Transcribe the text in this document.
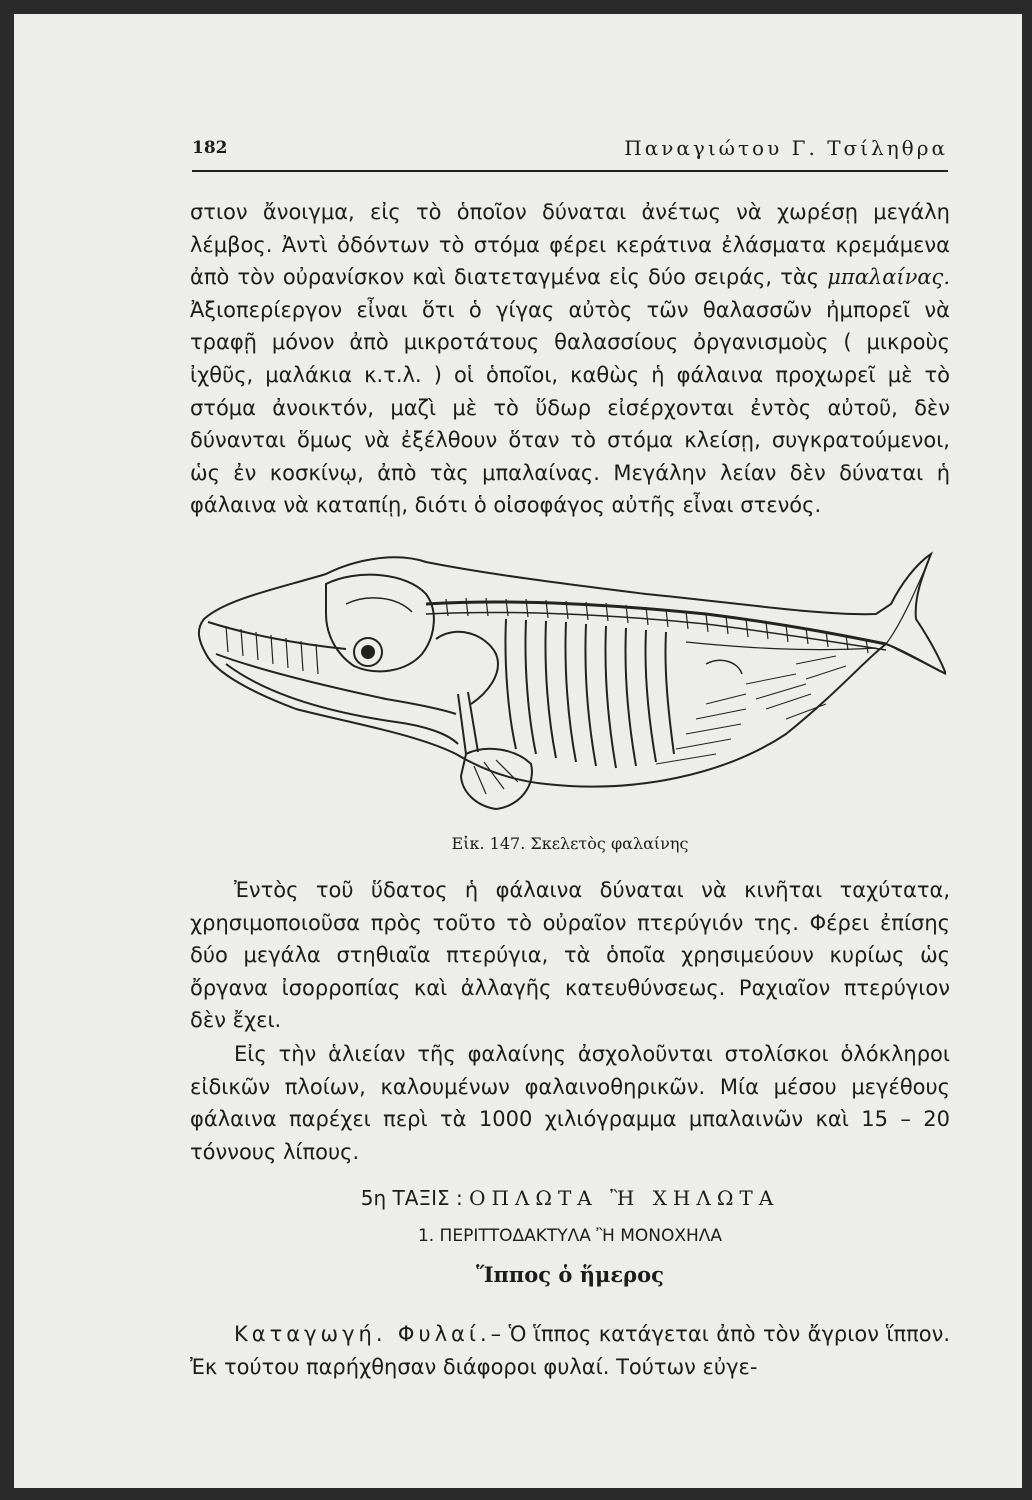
182	Παναγιώτου Γ. Τσίληθρα

στιον ἄνοιγμα, εἰς τὸ ὁποῖον δύναται ἀνέτως νὰ χωρέσῃ μεγάλη λέμβος. Ἀντὶ ὀδόντων τὸ στόμα φέρει κεράτινα ἐλάσματα κρεμάμενα ἀπὸ τὸν οὐρανίσκον καὶ διατεταγμένα εἰς δύο σειράς, τὰς μπαλαίνας. Ἀξιοπερίεργον εἶναι ὅτι ὁ γίγας αὐτὸς τῶν θαλασσῶν ἠμπορεῖ νὰ τραφῇ μόνον ἀπὸ μικροτάτους θαλασσίους ὀργανισμοὺς ( μικροὺς ἰχθῦς, μαλάκια κ.τ.λ. ) οἱ ὁποῖοι, καθὼς ἡ φάλαινα προχωρεῖ μὲ τὸ στόμα ἀνοικτόν, μαζὶ μὲ τὸ ὕδωρ εἰσέρχονται ἐντὸς αὐτοῦ, δὲν δύνανται ὅμως νὰ ἐξέλθουν ὅταν τὸ στόμα κλείσῃ, συγκρατούμενοι, ὡς ἐν κοσκίνῳ, ἀπὸ τὰς μπαλαίνας. Μεγάλην λείαν δὲν δύναται ἡ φάλαινα νὰ καταπίῃ, διότι ὁ οἰσοφάγος αὐτῆς εἶναι στενός.

Εἰκ. 147. Σκελετὸς φαλαίνης

Ἐντὸς τοῦ ὕδατος ἡ φάλαινα δύναται νὰ κινῆται ταχύτατα, χρησιμοποιοῦσα πρὸς τοῦτο τὸ οὐραῖον πτερύγιόν της. Φέρει ἐπίσης δύο μεγάλα στηθιαῖα πτερύγια, τὰ ὁποῖα χρησιμεύουν κυρίως ὡς ὄργανα ἰσορροπίας καὶ ἀλλαγῆς κατευθύνσεως. Ραχιαῖον πτερύγιον δὲν ἔχει.

Εἰς τὴν ἁλιείαν τῆς φαλαίνης ἀσχολοῦνται στολίσκοι ὁλόκληροι εἰδικῶν πλοίων, καλουμένων φαλαινοθηρικῶν. Μία μέσου μεγέθους φάλαινα παρέχει περὶ τὰ 1000 χιλιόγραμμα μπαλαινῶν καὶ 15 – 20 τόννους λίπους.

5η ΤΑΞΙΣ : ΟΠΛΩΤΑ Ἢ ΧΗΛΩΤΑ
1. ΠΕΡΙΤΤΟΔΑΚΤΥΛΑ Ἢ ΜΟΝΟΧΗΛΑ
Ἵππος ὁ ἥμερος

Καταγωγή. Φυλαί.– Ὁ ἵππος κατάγεται ἀπὸ τὸν ἄγριον ἵππον. Ἐκ τούτου παρήχθησαν διάφοροι φυλαί. Τούτων εὐγε-
